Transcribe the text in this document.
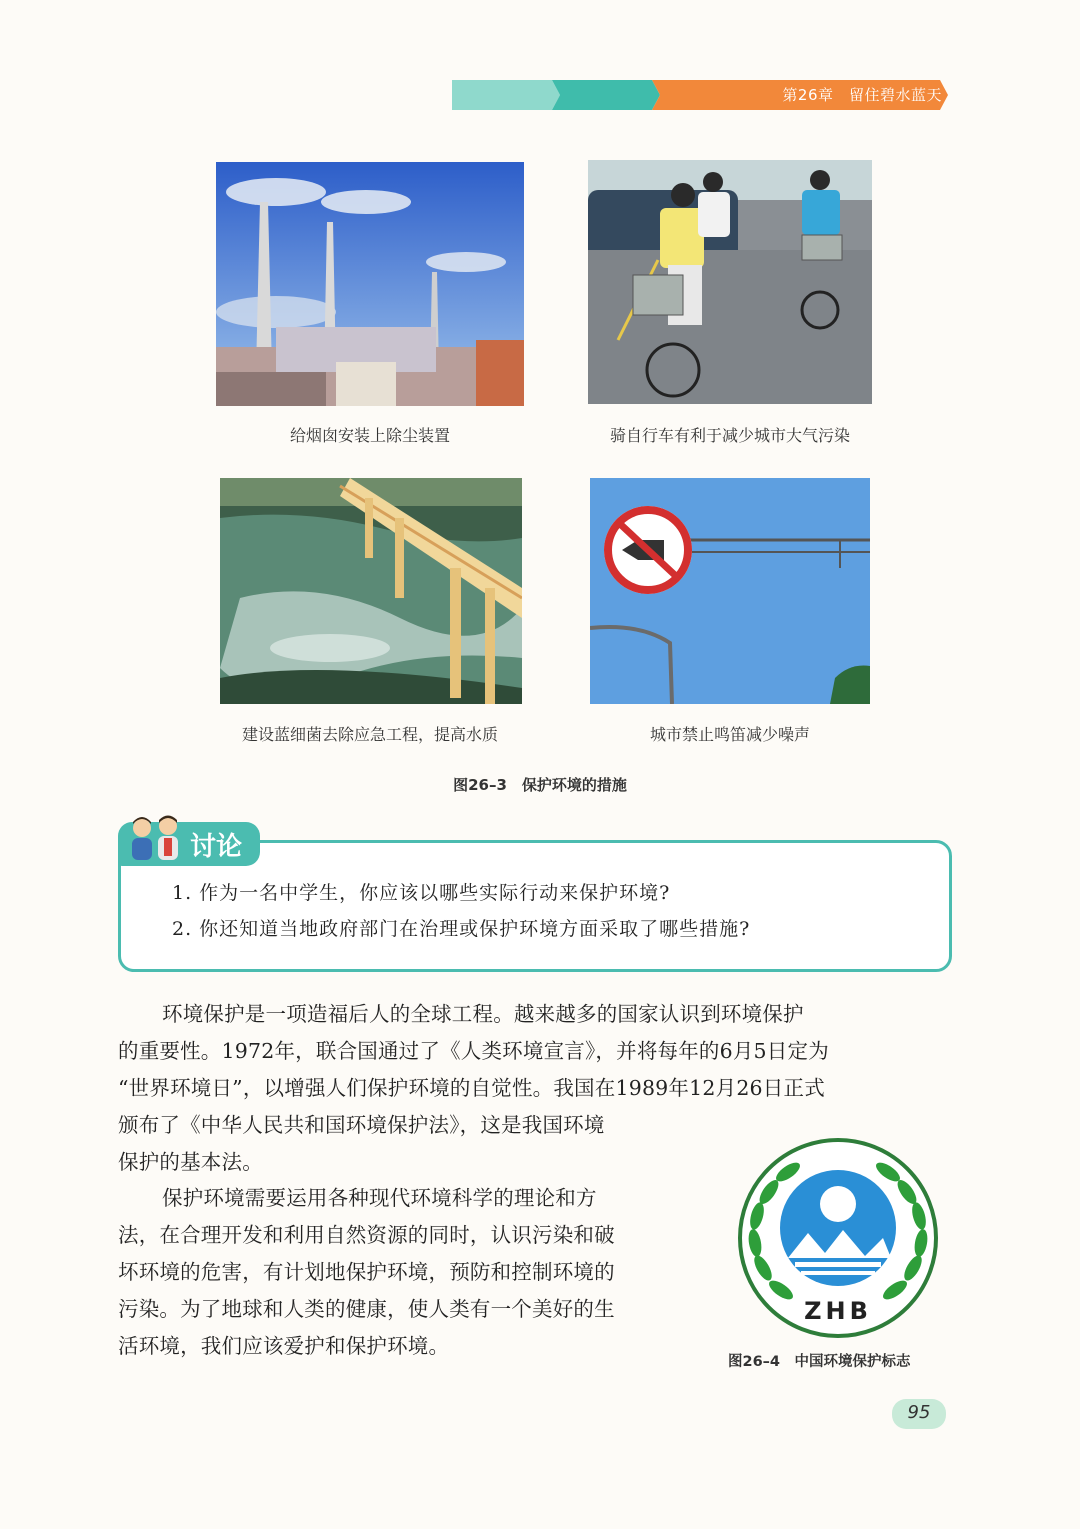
第26章　留住碧水蓝天
给烟囱安装上除尘装置	骑自行车有利于减少城市大气污染
建设蓝细菌去除应急工程，提高水质	城市禁止鸣笛减少噪声
图26–3　保护环境的措施
讨论
1. 作为一名中学生，你应该以哪些实际行动来保护环境?
2. 你还知道当地政府部门在治理或保护环境方面采取了哪些措施?
环境保护是一项造福后人的全球工程。越来越多的国家认识到环境保护
的重要性。1972年，联合国通过了《人类环境宣言》，并将每年的6月5日定为
“世界环境日”，以增强人们保护环境的自觉性。我国在1989年12月26日正式
颁布了《中华人民共和国环境保护法》，这是我国环境
保护的基本法。
保护环境需要运用各种现代环境科学的理论和方
法，在合理开发和利用自然资源的同时，认识污染和破
坏环境的危害，有计划地保护环境，预防和控制环境的
污染。为了地球和人类的健康，使人类有一个美好的生
活环境，我们应该爱护和保护环境。
ZHB
图26–4　中国环境保护标志
95
